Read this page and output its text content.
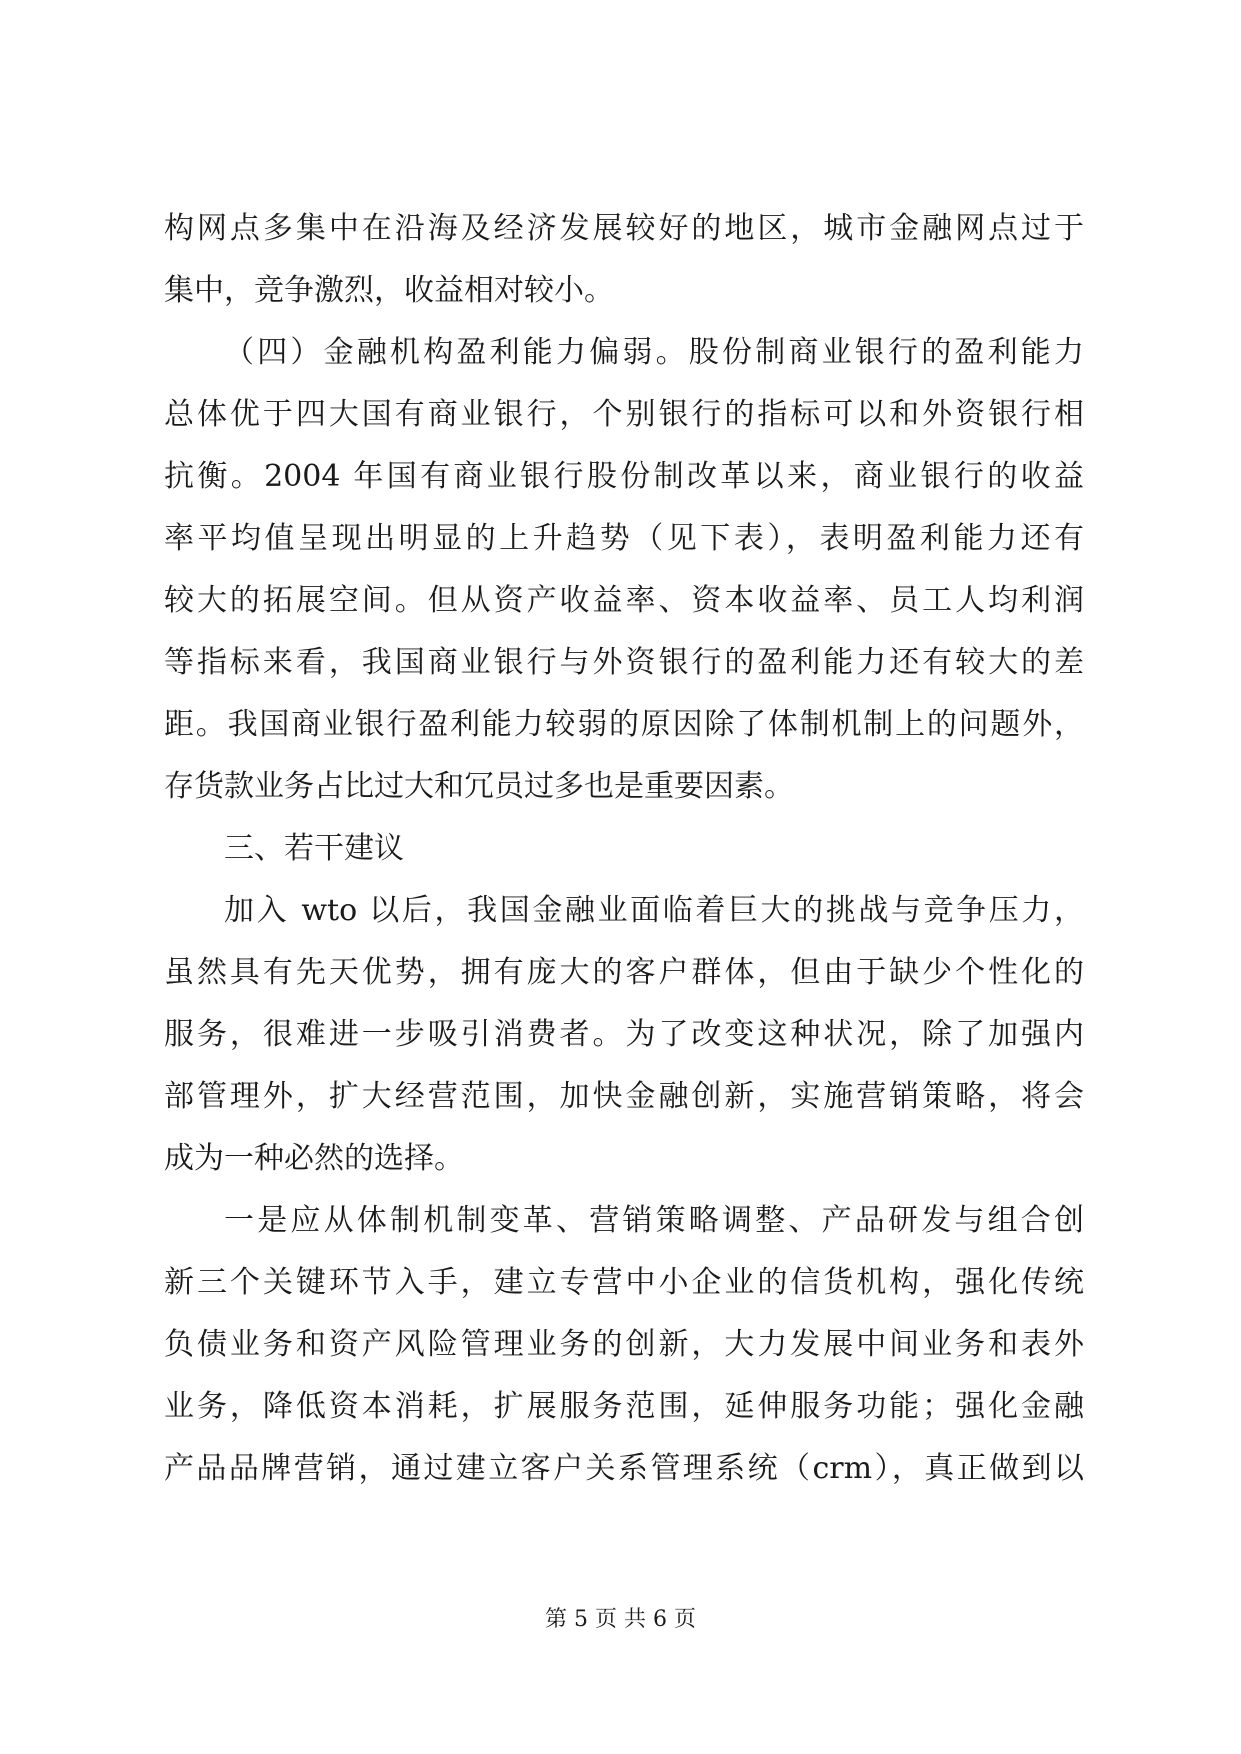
构网点多集中在沿海及经济发展较好的地区，城市金融网点过于
集中，竞争激烈，收益相对较小。
（四）金融机构盈利能力偏弱。股份制商业银行的盈利能力
总体优于四大国有商业银行，个别银行的指标可以和外资银行相
抗衡。2004 年国有商业银行股份制改革以来，商业银行的收益
率平均值呈现出明显的上升趋势（见下表），表明盈利能力还有
较大的拓展空间。但从资产收益率、资本收益率、员工人均利润
等指标来看，我国商业银行与外资银行的盈利能力还有较大的差
距。我国商业银行盈利能力较弱的原因除了体制机制上的问题外，
存货款业务占比过大和冗员过多也是重要因素。
三、若干建议
加入 wto 以后，我国金融业面临着巨大的挑战与竞争压力，
虽然具有先天优势，拥有庞大的客户群体，但由于缺少个性化的
服务，很难进一步吸引消费者。为了改变这种状况，除了加强内
部管理外，扩大经营范围，加快金融创新，实施营销策略，将会
成为一种必然的选择。
一是应从体制机制变革、营销策略调整、产品研发与组合创
新三个关键环节入手，建立专营中小企业的信货机构，强化传统
负债业务和资产风险管理业务的创新，大力发展中间业务和表外
业务，降低资本消耗，扩展服务范围，延伸服务功能；强化金融
产品品牌营销，通过建立客户关系管理系统（crm），真正做到以
第 5 页 共 6 页
